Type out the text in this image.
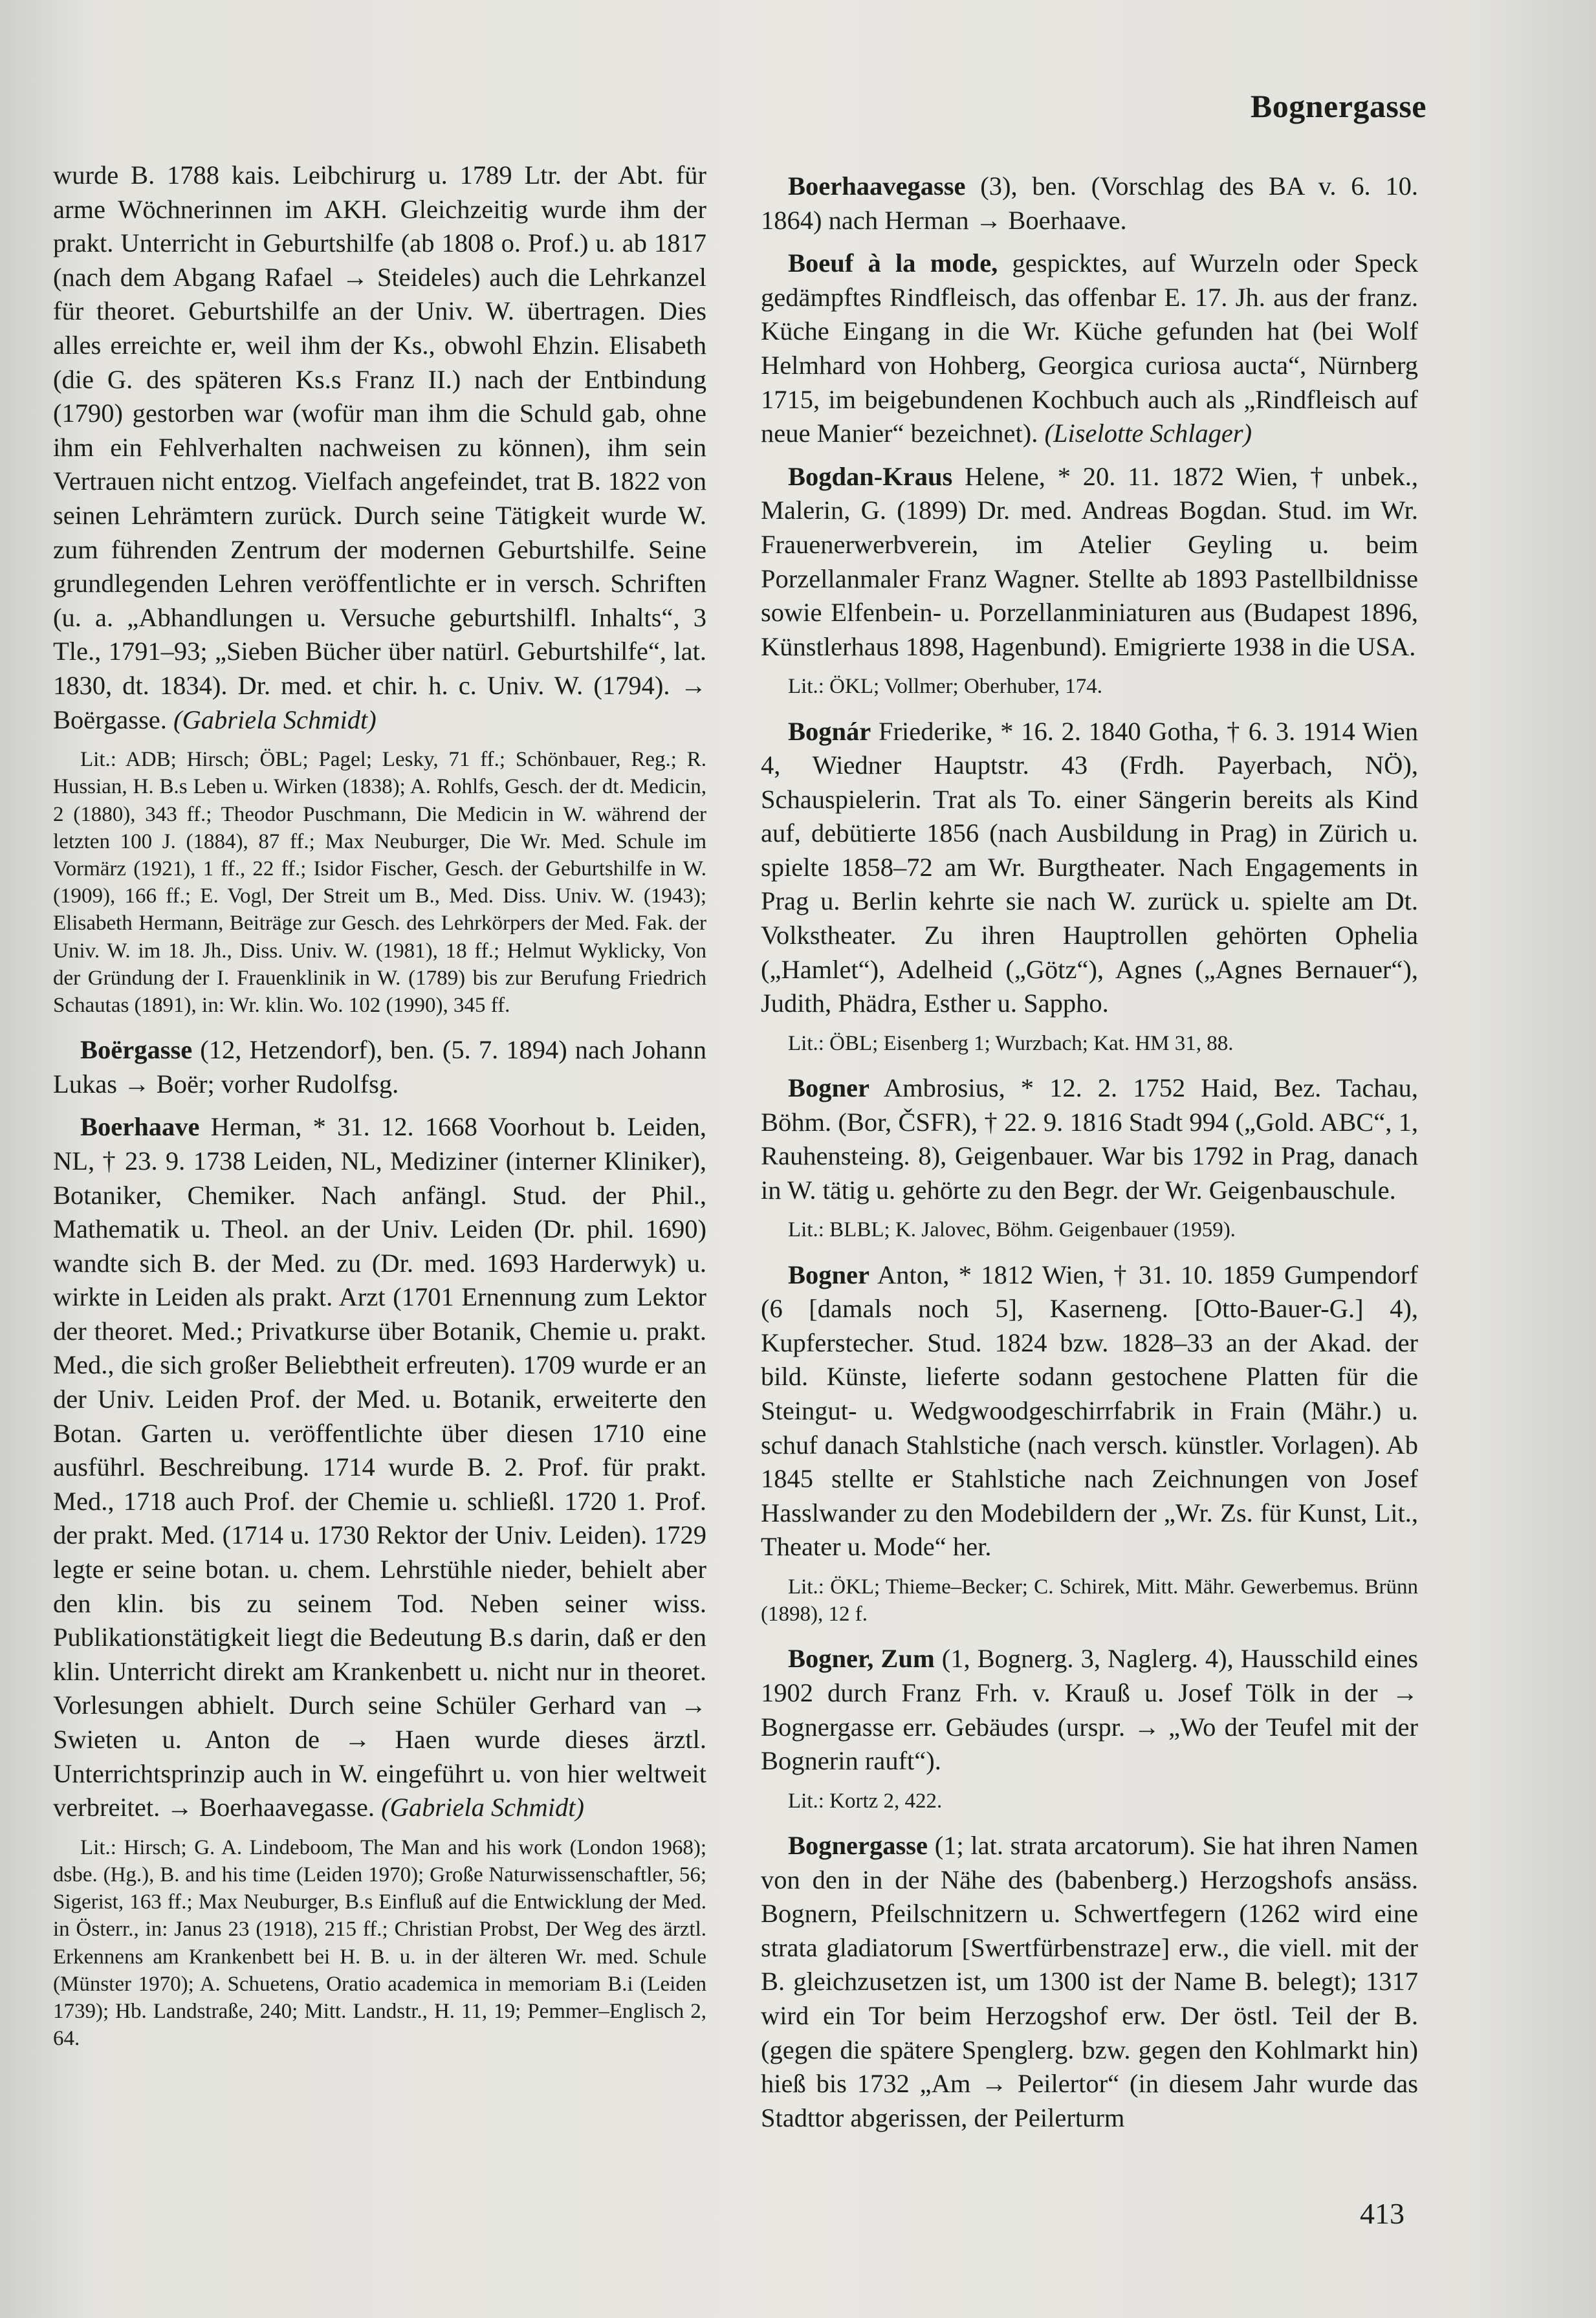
Bognergasse

wurde B. 1788 kais. Leibchirurg u. 1789 Ltr. der Abt. für arme Wöchnerinnen im AKH. Gleichzeitig wurde ihm der prakt. Unterricht in Geburtshilfe (ab 1808 o. Prof.) u. ab 1817 (nach dem Abgang Rafael → Steideles) auch die Lehrkanzel für theoret. Geburtshilfe an der Univ. W. übertragen. Dies alles erreichte er, weil ihm der Ks., obwohl Ehzin. Elisabeth (die G. des späteren Ks.s Franz II.) nach der Entbindung (1790) gestorben war (wofür man ihm die Schuld gab, ohne ihm ein Fehlverhalten nachweisen zu können), ihm sein Vertrauen nicht entzog. Vielfach angefeindet, trat B. 1822 von seinen Lehrämtern zurück. Durch seine Tätigkeit wurde W. zum führenden Zentrum der modernen Geburtshilfe. Seine grundlegenden Lehren veröffentlichte er in versch. Schriften (u. a. „Abhandlungen u. Versuche geburtshilfl. Inhalts“, 3 Tle., 1791–93; „Sieben Bücher über natürl. Geburtshilfe“, lat. 1830, dt. 1834). Dr. med. et chir. h. c. Univ. W. (1794). → Boërgasse. (Gabriela Schmidt)

Lit.: ADB; Hirsch; ÖBL; Pagel; Lesky, 71 ff.; Schönbauer, Reg.; R. Hussian, H. B.s Leben u. Wirken (1838); A. Rohlfs, Gesch. der dt. Medicin, 2 (1880), 343 ff.; Theodor Puschmann, Die Medicin in W. während der letzten 100 J. (1884), 87 ff.; Max Neuburger, Die Wr. Med. Schule im Vormärz (1921), 1 ff., 22 ff.; Isidor Fischer, Gesch. der Geburtshilfe in W. (1909), 166 ff.; E. Vogl, Der Streit um B., Med. Diss. Univ. W. (1943); Elisabeth Hermann, Beiträge zur Gesch. des Lehrkörpers der Med. Fak. der Univ. W. im 18. Jh., Diss. Univ. W. (1981), 18 ff.; Helmut Wyklicky, Von der Gründung der I. Frauenklinik in W. (1789) bis zur Berufung Friedrich Schautas (1891), in: Wr. klin. Wo. 102 (1990), 345 ff.

Boërgasse (12, Hetzendorf), ben. (5. 7. 1894) nach Johann Lukas → Boër; vorher Rudolfsg.

Boerhaave Herman, * 31. 12. 1668 Voorhout b. Leiden, NL, † 23. 9. 1738 Leiden, NL, Mediziner (interner Kliniker), Botaniker, Chemiker. Nach anfängl. Stud. der Phil., Mathematik u. Theol. an der Univ. Leiden (Dr. phil. 1690) wandte sich B. der Med. zu (Dr. med. 1693 Harderwyk) u. wirkte in Leiden als prakt. Arzt (1701 Ernennung zum Lektor der theoret. Med.; Privatkurse über Botanik, Chemie u. prakt. Med., die sich großer Beliebtheit erfreuten). 1709 wurde er an der Univ. Leiden Prof. der Med. u. Botanik, erweiterte den Botan. Garten u. veröffentlichte über diesen 1710 eine ausführl. Beschreibung. 1714 wurde B. 2. Prof. für prakt. Med., 1718 auch Prof. der Chemie u. schließl. 1720 1. Prof. der prakt. Med. (1714 u. 1730 Rektor der Univ. Leiden). 1729 legte er seine botan. u. chem. Lehrstühle nieder, behielt aber den klin. bis zu seinem Tod. Neben seiner wiss. Publikationstätigkeit liegt die Bedeutung B.s darin, daß er den klin. Unterricht direkt am Krankenbett u. nicht nur in theoret. Vorlesungen abhielt. Durch seine Schüler Gerhard van → Swieten u. Anton de → Haen wurde dieses ärztl. Unterrichtsprinzip auch in W. eingeführt u. von hier weltweit verbreitet. → Boerhaavegasse. (Gabriela Schmidt)

Lit.: Hirsch; G. A. Lindeboom, The Man and his work (London 1968); dsbe. (Hg.), B. and his time (Leiden 1970); Große Naturwissenschaftler, 56; Sigerist, 163 ff.; Max Neuburger, B.s Einfluß auf die Entwicklung der Med. in Österr., in: Janus 23 (1918), 215 ff.; Christian Probst, Der Weg des ärztl. Erkennens am Krankenbett bei H. B. u. in der älteren Wr. med. Schule (Münster 1970); A. Schuetens, Oratio academica in memoriam B.i (Leiden 1739); Hb. Landstraße, 240; Mitt. Landstr., H. 11, 19; Pemmer–Englisch 2, 64.

Boerhaavegasse (3), ben. (Vorschlag des BA v. 6. 10. 1864) nach Herman → Boerhaave.

Boeuf à la mode, gespicktes, auf Wurzeln oder Speck gedämpftes Rindfleisch, das offenbar E. 17. Jh. aus der franz. Küche Eingang in die Wr. Küche gefunden hat (bei Wolf Helmhard von Hohberg, Georgica curiosa aucta“, Nürnberg 1715, im beigebundenen Kochbuch auch als „Rindfleisch auf neue Manier“ bezeichnet). (Liselotte Schlager)

Bogdan-Kraus Helene, * 20. 11. 1872 Wien, † unbek., Malerin, G. (1899) Dr. med. Andreas Bogdan. Stud. im Wr. Frauenerwerbverein, im Atelier Geyling u. beim Porzellanmaler Franz Wagner. Stellte ab 1893 Pastellbildnisse sowie Elfenbein- u. Porzellanminiaturen aus (Budapest 1896, Künstlerhaus 1898, Hagenbund). Emigrierte 1938 in die USA.

Lit.: ÖKL; Vollmer; Oberhuber, 174.

Bognár Friederike, * 16. 2. 1840 Gotha, † 6. 3. 1914 Wien 4, Wiedner Hauptstr. 43 (Frdh. Payerbach, NÖ), Schauspielerin. Trat als To. einer Sängerin bereits als Kind auf, debütierte 1856 (nach Ausbildung in Prag) in Zürich u. spielte 1858–72 am Wr. Burgtheater. Nach Engagements in Prag u. Berlin kehrte sie nach W. zurück u. spielte am Dt. Volkstheater. Zu ihren Hauptrollen gehörten Ophelia („Hamlet“), Adelheid („Götz“), Agnes („Agnes Bernauer“), Judith, Phädra, Esther u. Sappho.

Lit.: ÖBL; Eisenberg 1; Wurzbach; Kat. HM 31, 88.

Bogner Ambrosius, * 12. 2. 1752 Haid, Bez. Tachau, Böhm. (Bor, ČSFR), † 22. 9. 1816 Stadt 994 („Gold. ABC“, 1, Rauhensteing. 8), Geigenbauer. War bis 1792 in Prag, danach in W. tätig u. gehörte zu den Begr. der Wr. Geigenbauschule.

Lit.: BLBL; K. Jalovec, Böhm. Geigenbauer (1959).

Bogner Anton, * 1812 Wien, † 31. 10. 1859 Gumpendorf (6 [damals noch 5], Kaserneng. [Otto-Bauer-G.] 4), Kupferstecher. Stud. 1824 bzw. 1828–33 an der Akad. der bild. Künste, lieferte sodann gestochene Platten für die Steingut- u. Wedgwoodgeschirrfabrik in Frain (Mähr.) u. schuf danach Stahlstiche (nach versch. künstler. Vorlagen). Ab 1845 stellte er Stahlstiche nach Zeichnungen von Josef Hasslwander zu den Modebildern der „Wr. Zs. für Kunst, Lit., Theater u. Mode“ her.

Lit.: ÖKL; Thieme–Becker; C. Schirek, Mitt. Mähr. Gewerbemus. Brünn (1898), 12 f.

Bogner, Zum (1, Bognerg. 3, Naglerg. 4), Hausschild eines 1902 durch Franz Frh. v. Krauß u. Josef Tölk in der → Bognergasse err. Gebäudes (urspr. → „Wo der Teufel mit der Bognerin rauft“).

Lit.: Kortz 2, 422.

Bognergasse (1; lat. strata arcatorum). Sie hat ihren Namen von den in der Nähe des (babenberg.) Herzogshofs ansäss. Bognern, Pfeilschnitzern u. Schwertfegern (1262 wird eine strata gladiatorum [Swertfürbenstraze] erw., die viell. mit der B. gleichzusetzen ist, um 1300 ist der Name B. belegt); 1317 wird ein Tor beim Herzogshof erw. Der östl. Teil der B. (gegen die spätere Spenglerg. bzw. gegen den Kohlmarkt hin) hieß bis 1732 „Am → Peilertor“ (in diesem Jahr wurde das Stadttor abgerissen, der Peilerturm

413
